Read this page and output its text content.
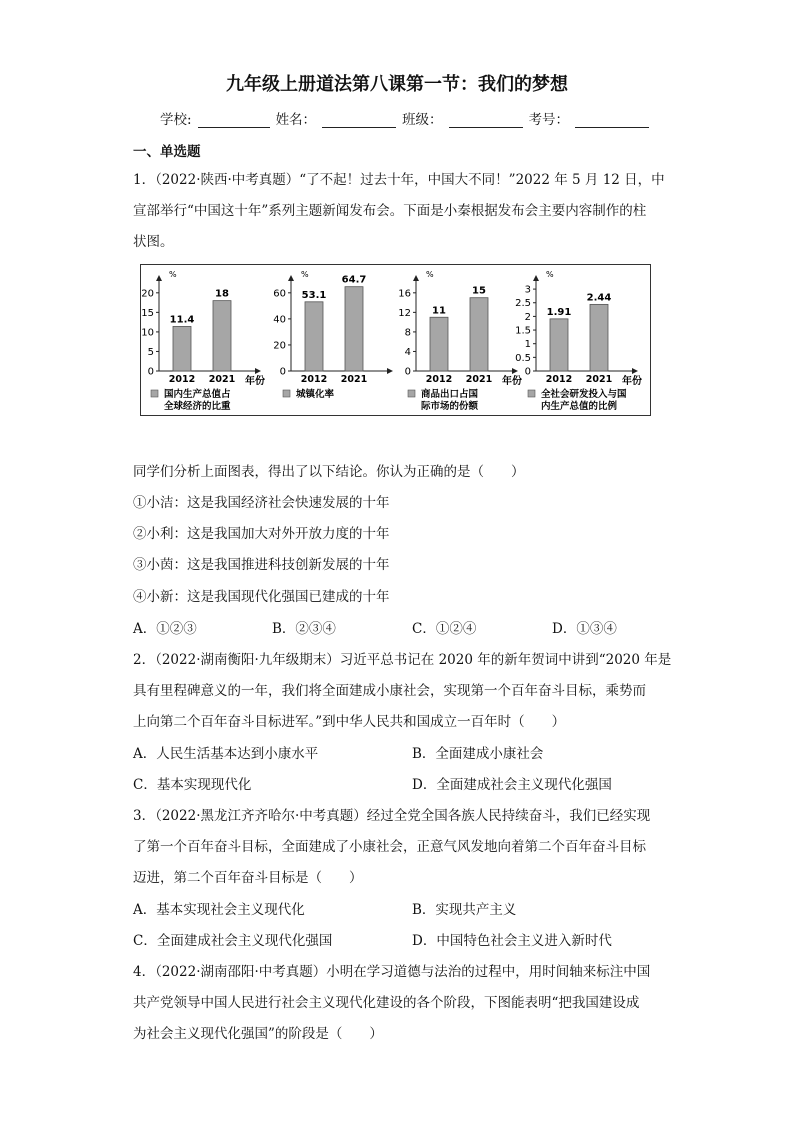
九年级上册道法第八课第一节：我们的梦想
学校:	姓名：	班级：	考号：
一、单选题
1．（2022·陕西·中考真题）“了不起！过去十年，中国大不同！”2022 年 5 月 12 日，中
宣部举行“中国这十年”系列主题新闻发布会。下面是小秦根据发布会主要内容制作的柱
状图。
%
0
5
10
15
20
11.4
2012
18
2021 年份
国内生产总值占
全球经济的比重
%
0
20
40
60 53.1
2012
64.7
2021
城镇化率
%
0
4
8
12
16
11
2012
15
2021 年份
商品出口占国
际市场的份额
%
0
0.5
1
1.5
2
2.5
3
1.91
2012
2.44
2021 年份
全社会研发投入与国
内生产总值的比例
同学们分析上面图表，得出了以下结论。你认为正确的是（　　）
①小洁：这是我国经济社会快速发展的十年
②小利：这是我国加大对外开放力度的十年
③小茵：这是我国推进科技创新发展的十年
④小新：这是我国现代化强国已建成的十年
A．①②③	B．②③④	C．①②④	D．①③④
2．（2022·湖南衡阳·九年级期末）习近平总书记在 2020 年的新年贺词中讲到“2020 年是
具有里程碑意义的一年，我们将全面建成小康社会，实现第一个百年奋斗目标，乘势而
上向第二个百年奋斗目标进军。”到中华人民共和国成立一百年时（　　）
A．人民生活基本达到小康水平	B．全面建成小康社会
C．基本实现现代化	D．全面建成社会主义现代化强国
3．（2022·黑龙江齐齐哈尔·中考真题）经过全党全国各族人民持续奋斗，我们已经实现
了第一个百年奋斗目标，全面建成了小康社会，正意气风发地向着第二个百年奋斗目标
迈进，第二个百年奋斗目标是（　　）
A．基本实现社会主义现代化	B．实现共产主义
C．全面建成社会主义现代化强国	D．中国特色社会主义进入新时代
4．（2022·湖南邵阳·中考真题）小明在学习道德与法治的过程中，用时间轴来标注中国
共产党领导中国人民进行社会主义现代化建设的各个阶段，下图能表明“把我国建设成
为社会主义现代化强国”的阶段是（　　）
